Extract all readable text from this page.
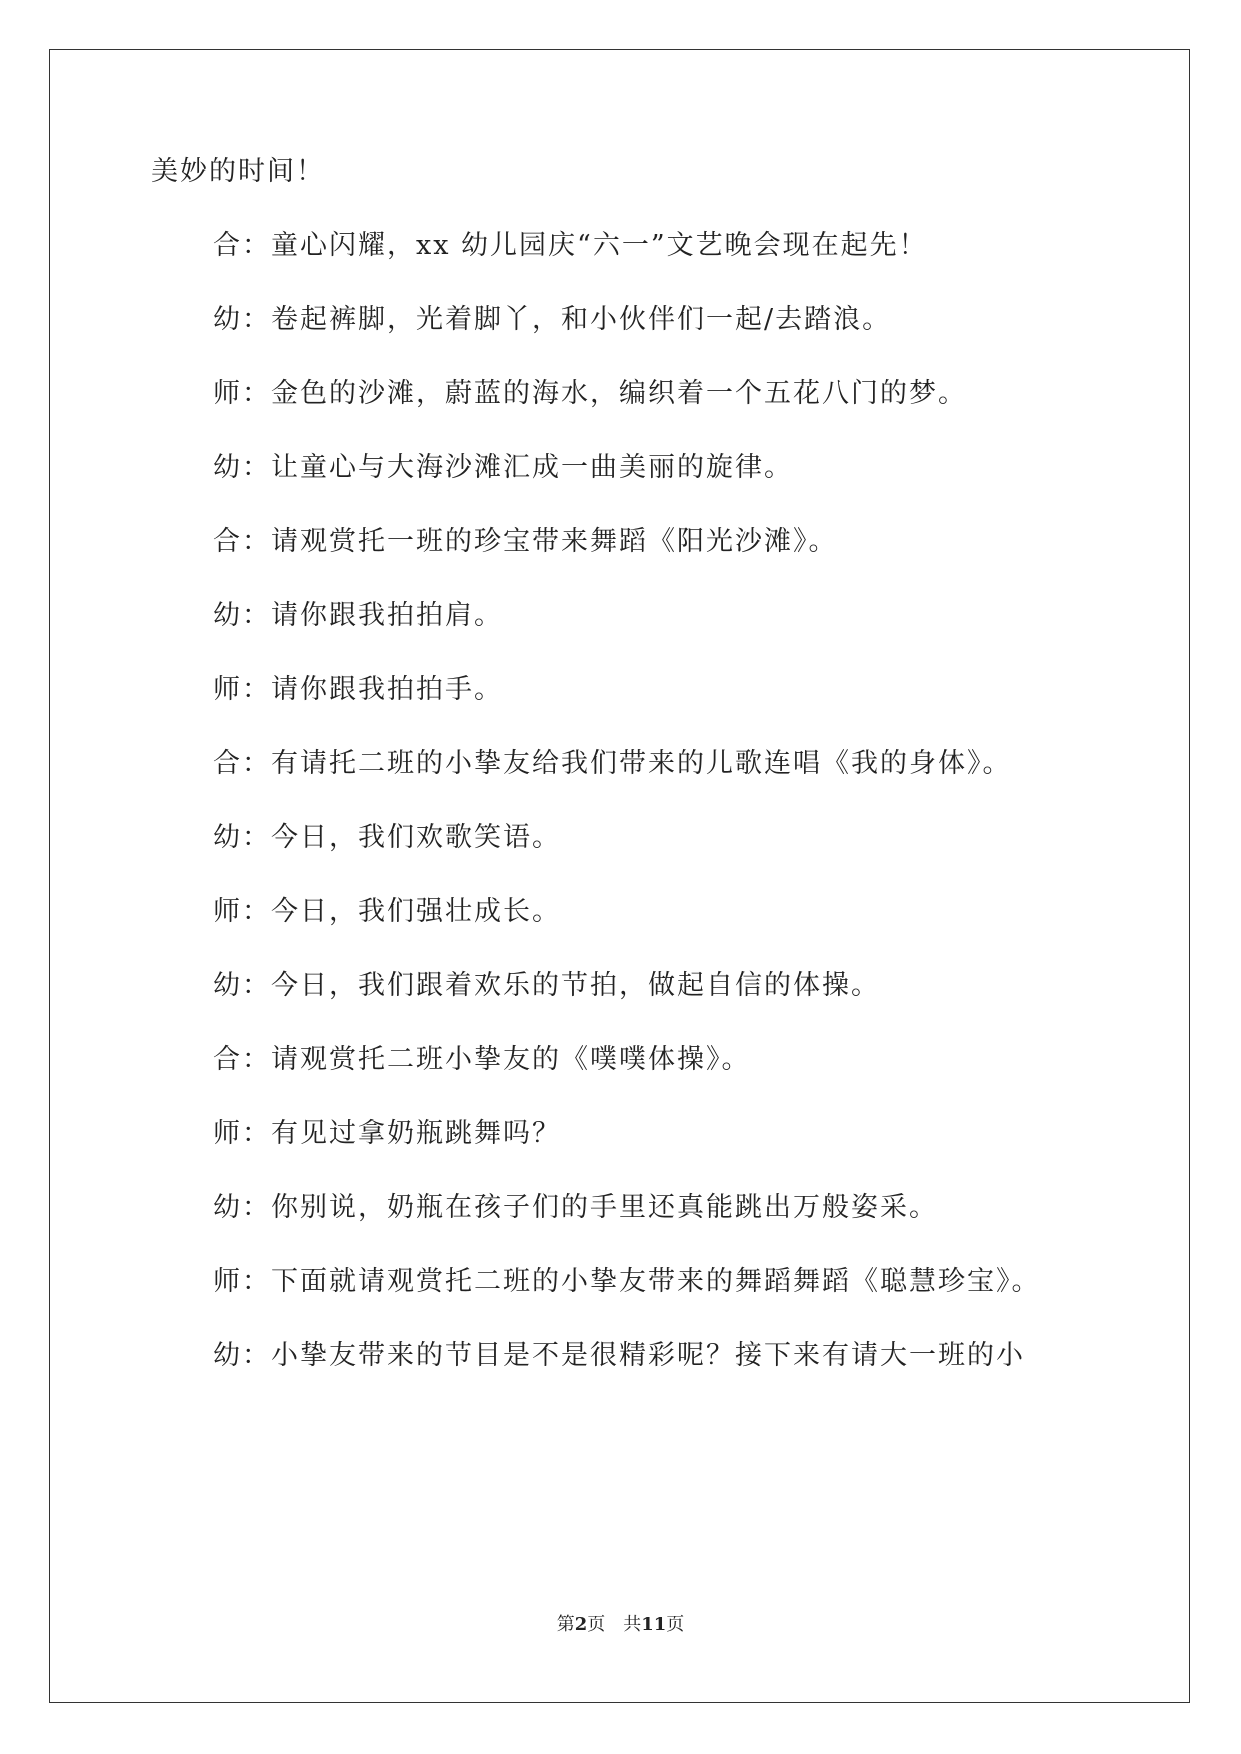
美妙的时间！
合：童心闪耀，xx 幼儿园庆“六一”文艺晚会现在起先！
幼：卷起裤脚，光着脚丫，和小伙伴们一起/去踏浪。
师：金色的沙滩，蔚蓝的海水，编织着一个五花八门的梦。
幼：让童心与大海沙滩汇成一曲美丽的旋律。
合：请观赏托一班的珍宝带来舞蹈《阳光沙滩》。
幼：请你跟我拍拍肩。
师：请你跟我拍拍手。
合：有请托二班的小挚友给我们带来的儿歌连唱《我的身体》。
幼：今日，我们欢歌笑语。
师：今日，我们强壮成长。
幼：今日，我们跟着欢乐的节拍，做起自信的体操。
合：请观赏托二班小挚友的《噗噗体操》。
师：有见过拿奶瓶跳舞吗？
幼：你别说，奶瓶在孩子们的手里还真能跳出万般姿采。
师：下面就请观赏托二班的小挚友带来的舞蹈舞蹈《聪慧珍宝》。
幼：小挚友带来的节目是不是很精彩呢？接下来有请大一班的小
第2页 共11页
